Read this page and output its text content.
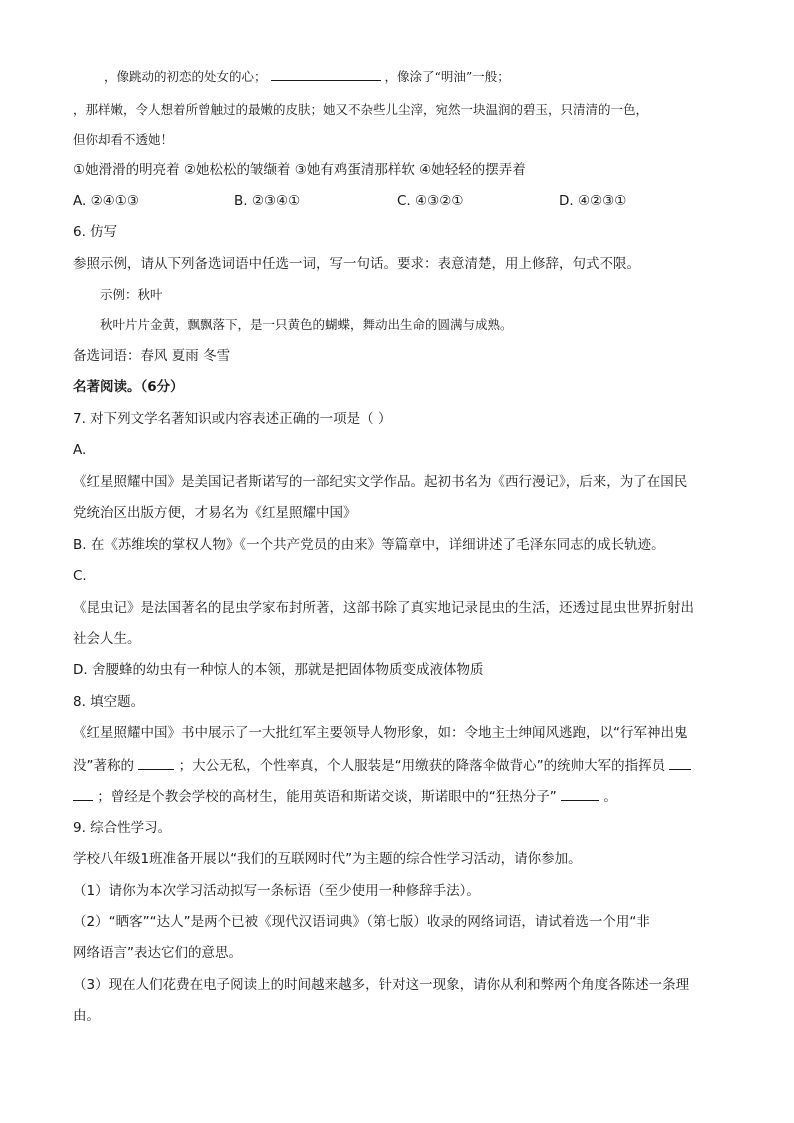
，像跳动的初恋的处女的心；	，像涂了“明油”一般；
，那样嫩，令人想着所曾触过的最嫩的皮肤；她又不杂些儿尘滓，宛然一块温润的碧玉，只清清的一色，
但你却看不透她！
①她滑滑的明亮着 ②她松松的皱缬着 ③她有鸡蛋清那样软 ④她轻轻的摆弄着
A. ②④①③	B. ②③④①	C. ④③②①	D. ④②③①
6. 仿写
参照示例，请从下列备选词语中任选一词，写一句话。要求：表意清楚，用上修辞，句式不限。
示例：秋叶
秋叶片片金黄，飘飘落下，是一只黄色的蝴蝶，舞动出生命的圆满与成熟。
备选词语：春风 夏雨 冬雪
名著阅读。（6分）
7. 对下列文学名著知识或内容表述正确的一项是（ ）
A.
《红星照耀中国》是美国记者斯诺写的一部纪实文学作品。起初书名为《西行漫记》，后来，为了在国民
党统治区出版方便，才易名为《红星照耀中国》
B. 在《苏维埃的掌权人物》《一个共产党员的由来》等篇章中，详细讲述了毛泽东同志的成长轨迹。
C.
《昆虫记》是法国著名的昆虫学家布封所著，这部书除了真实地记录昆虫的生活，还透过昆虫世界折射出
社会人生。
D. 舍腰蜂的幼虫有一种惊人的本领，那就是把固体物质变成液体物质
8. 填空题。
《红星照耀中国》书中展示了一大批红军主要领导人物形象，如：令地主士绅闻风逃跑，以“行军神出鬼
没”著称的	；大公无私，个性率真，个人服装是“用缴获的降落伞做背心”的统帅大军的指挥员
；曾经是个教会学校的高材生，能用英语和斯诺交谈，斯诺眼中的“狂热分子”	。
9. 综合性学习。
学校八年级1班准备开展以“我们的互联网时代”为主题的综合性学习活动，请你参加。
（1）请你为本次学习活动拟写一条标语（至少使用一种修辞手法）。
（2）“晒客”“达人”是两个已被《现代汉语词典》（第七版）收录的网络词语，请试着选一个用“非
网络语言”表达它们的意思。
（3）现在人们花费在电子阅读上的时间越来越多，针对这一现象，请你从利和弊两个角度各陈述一条理
由。
